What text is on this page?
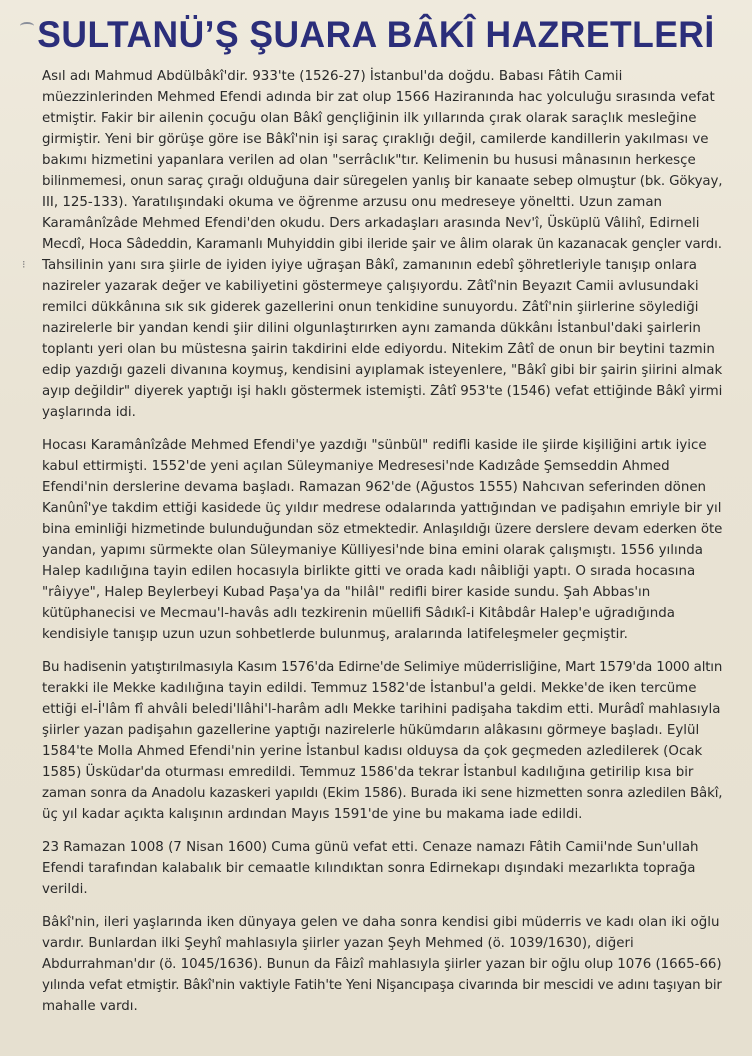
SULTANÜ’Ş ŞUARA BÂKÎ HAZRETLERİ
⁝
Asıl adı Mahmud Abdülbâkî'dir. 933'te (1526-27) İstanbul'da doğdu. Babası Fâtih Camii
müezzinlerinden Mehmed Efendi adında bir zat olup 1566 Haziranında hac yolculuğu sırasında vefat
etmiştir. Fakir bir ailenin çocuğu olan Bâkî gençliğinin ilk yıllarında çırak olarak saraçlık mesleğine
girmiştir. Yeni bir görüşe göre ise Bâkî'nin işi saraç çıraklığı değil, camilerde kandillerin yakılması ve
bakımı hizmetini yapanlara verilen ad olan "serrâclık"tır. Kelimenin bu hususi mânasının herkesçe
bilinmemesi, onun saraç çırağı olduğuna dair süregelen yanlış bir kanaate sebep olmuştur (bk. Gökyay,
III, 125-133). Yaratılışındaki okuma ve öğrenme arzusu onu medreseye yöneltti. Uzun zaman
Karamânîzâde Mehmed Efendi'den okudu. Ders arkadaşları arasında Nev'î, Üsküplü Vâlihî, Edirneli
Mecdî, Hoca Sâdeddin, Karamanlı Muhyiddin gibi ileride şair ve âlim olarak ün kazanacak gençler vardı.
Tahsilinin yanı sıra şiirle de iyiden iyiye uğraşan Bâkî, zamanının edebî şöhretleriyle tanışıp onlara
nazireler yazarak değer ve kabiliyetini göstermeye çalışıyordu. Zâtî'nin Beyazıt Camii avlusundaki
remilci dükkânına sık sık giderek gazellerini onun tenkidine sunuyordu. Zâtî'nin şiirlerine söylediği
nazirelerle bir yandan kendi şiir dilini olgunlaştırırken aynı zamanda dükkânı İstanbul'daki şairlerin
toplantı yeri olan bu müstesna şairin takdirini elde ediyordu. Nitekim Zâtî de onun bir beytini tazmin
edip yazdığı gazeli divanına koymuş, kendisini ayıplamak isteyenlere, "Bâkî gibi bir şairin şiirini almak
ayıp değildir" diyerek yaptığı işi haklı göstermek istemişti. Zâtî 953'te (1546) vefat ettiğinde Bâkî yirmi
yaşlarında idi.
Hocası Karamânîzâde Mehmed Efendi'ye yazdığı "sünbül" redifli kaside ile şiirde kişiliğini artık iyice
kabul ettirmişti. 1552'de yeni açılan Süleymaniye Medresesi'nde Kadızâde Şemseddin Ahmed
Efendi'nin derslerine devama başladı. Ramazan 962'de (Ağustos 1555) Nahcıvan seferinden dönen
Kanûnî'ye takdim ettiği kasidede üç yıldır medrese odalarında yattığından ve padişahın emriyle bir yıl
bina eminliği hizmetinde bulunduğundan söz etmektedir. Anlaşıldığı üzere derslere devam ederken öte
yandan, yapımı sürmekte olan Süleymaniye Külliyesi'nde bina emini olarak çalışmıştı. 1556 yılında
Halep kadılığına tayin edilen hocasıyla birlikte gitti ve orada kadı nâibliği yaptı. O sırada hocasına
"râiyye", Halep Beylerbeyi Kubad Paşa'ya da "hilâl" redifli birer kaside sundu. Şah Abbas'ın
kütüphanecisi ve Mecmau'l-havâs adlı tezkirenin müellifi Sâdıkî-i Kitâbdâr Halep'e uğradığında
kendisiyle tanışıp uzun uzun sohbetlerde bulunmuş, aralarında latifeleşmeler geçmiştir.
Bu hadisenin yatıştırılmasıyla Kasım 1576'da Edirne'de Selimiye müderrisliğine, Mart 1579'da 1000 altın
terakki ile Mekke kadılığına tayin edildi. Temmuz 1582'de İstanbul'a geldi. Mekke'de iken tercüme
ettiği el-İ'lâm fî ahvâli beledi'llâhi'l-harâm adlı Mekke tarihini padişaha takdim etti. Murâdî mahlasıyla
şiirler yazan padişahın gazellerine yaptığı nazirelerle hükümdarın alâkasını görmeye başladı. Eylül
1584'te Molla Ahmed Efendi'nin yerine İstanbul kadısı olduysa da çok geçmeden azledilerek (Ocak
1585) Üsküdar'da oturması emredildi. Temmuz 1586'da tekrar İstanbul kadılığına getirilip kısa bir
zaman sonra da Anadolu kazaskeri yapıldı (Ekim 1586). Burada iki sene hizmetten sonra azledilen Bâkî,
üç yıl kadar açıkta kalışının ardından Mayıs 1591'de yine bu makama iade edildi.
23 Ramazan 1008 (7 Nisan 1600) Cuma günü vefat etti. Cenaze namazı Fâtih Camii'nde Sun'ullah
Efendi tarafından kalabalık bir cemaatle kılındıktan sonra Edirnekapı dışındaki mezarlıkta toprağa
verildi.
Bâkî'nin, ileri yaşlarında iken dünyaya gelen ve daha sonra kendisi gibi müderris ve kadı olan iki oğlu
vardır. Bunlardan ilki Şeyhî mahlasıyla şiirler yazan Şeyh Mehmed (ö. 1039/1630), diğeri
Abdurrahman'dır (ö. 1045/1636). Bunun da Fâizî mahlasıyla şiirler yazan bir oğlu olup 1076 (1665-66)
yılında vefat etmiştir. Bâkî'nin vaktiyle Fatih'te Yeni Nişancıpaşa civarında bir mescidi ve adını taşıyan bir
mahalle vardı.
